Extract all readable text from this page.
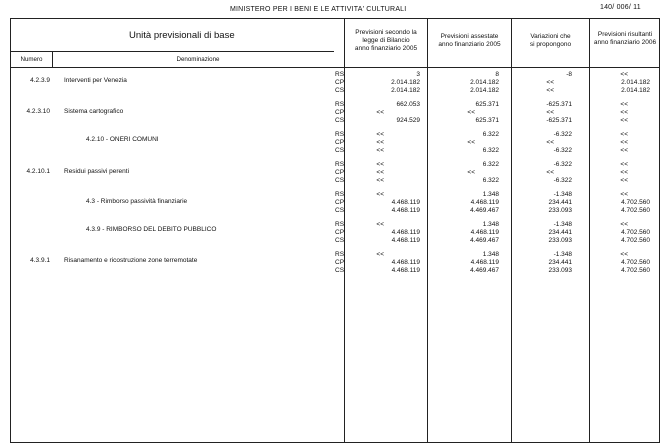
MINISTERO PER I BENI E LE ATTIVITA' CULTURALI	140/ 006/ 11
Unità previsionali di base
Numero	Denominazione
Previsioni secondo la
legge di Bilancio
anno finanziario 2005
Previsioni assestate
anno finanziario 2005
Variazioni che
si propongono
Previsioni risultanti
anno finanziario 2006
4.2.3.9 Interventi per Venezia
RS	3	8	-8	<<
CP	2.014.182	2.014.182	<<	2.014.182
CS	2.014.182	2.014.182	<<	2.014.182
4.2.3.10 Sistema cartografico
RS	662.053	625.371	-625.371	<<
CP	<<	<<	<<	<<
CS	924.529	625.371	-625.371	<<
4.2.10 - ONERI COMUNI
RS	<<	6.322	-6.322	<<
CP	<<	<<	<<	<<
CS	<<	6.322	-6.322	<<
4.2.10.1 Residui passivi perenti
RS	<<	6.322	-6.322	<<
CP	<<	<<	<<	<<
CS	<<	6.322	-6.322	<<
4.3 - Rimborso passività finanziarie
RS	<<	1.348	-1.348	<<
CP	4.468.119	4.468.119	234.441	4.702.560
CS	4.468.119	4.469.467	233.093	4.702.560
4.3.9 - RIMBORSO DEL DEBITO PUBBLICO
RS	<<	1.348	-1.348	<<
CP	4.468.119	4.468.119	234.441	4.702.560
CS	4.468.119	4.469.467	233.093	4.702.560
4.3.9.1 Risanamento e ricostruzione zone terremotate
RS	<<	1.348	-1.348	<<
CP	4.468.119	4.468.119	234.441	4.702.560
CS	4.468.119	4.469.467	233.093	4.702.560
